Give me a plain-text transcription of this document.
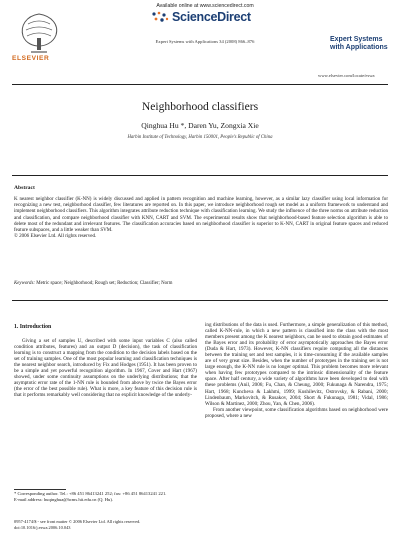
Available online at www.sciencedirect.com
ScienceDirect
Expert Systems with Applications 34 (2008) 866–876
ELSEVIER
Expert Systems with Applications
www.elsevier.com/locate/eswa
Neighborhood classifiers
Qinghua Hu *, Daren Yu, Zongxia Xie
Harbin Institute of Technology, Harbin 150001, People’s Republic of China
Abstract
K nearest neighbor classifier (K-NN) is widely discussed and applied in pattern recognition and machine learning, however, as a similar lazy classifier using local information for recognizing a new test, neighborhood classifier, few literatures are reported on. In this paper, we introduce neighborhood rough set model as a uniform framework to understand and implement neighborhood classifiers. This algorithm integrates attribute reduction technique with classification learning. We study the influence of the three norms on attribute reduction and classification, and compare neighborhood classifier with KNN, CART and SVM. The experimental results show that neighborhood-based feature selection algorithm is able to delete most of the redundant and irrelevant features. The classification accuracies based on neighborhood classifier is superior to K-NN, CART in original feature spaces and reduced feature subspaces, and a little weaker than SVM.
© 2006 Elsevier Ltd. All rights reserved.
Keywords: Metric space; Neighborhood; Rough set; Reduction; Classifier; Norm
1. Introduction
Giving a set of samples U, described with some input variables C (also called condition attributes, features) and an output D (decision), the task of classification learning is to construct a mapping from the condition to the decision labels based on the set of training samples. One of the most popular learning and classification techniques is the nearest neighbor search, introduced by Fix and Hodges (1951). It has been proven to be a simple and yet powerful recognition algorithm. In 1967, Cover and Hart (1967) showed, under some continuity assumptions on the underlying distributions; that the asymptotic error rate of the 1-NN rule is bounded from above by twice the Bayes error (the error of the best possible rule). What is more, a key feature of this decision rule is that it performs remarkably well considering that no explicit knowledge of the underly-

ing distributions of the data is used. Furthermore, a simple generalization of this method, called K-NN-rule, in which a new pattern is classified into the class with the most members present among the K nearest neighbors, can be used to obtain good estimates of the Bayes error and its probability of error asymptotically approaches the Bayes error (Duda & Hart, 1973). However, K-NN classifiers require computing all the distances between the training set and test samples, it is time-consuming if the available samples are of very great size. Besides, when the number of prototypes in the training set is not large enough, the K-NN rule is no longer optimal. This problem becomes more relevant when having few prototypes compared to the intrinsic dimensionality of the feature space. After half century, a wide variety of algorithms have been developed to deal with these problems (Anil, 2006; Fu, Chan, & Cheung, 2000; Fukunaga & Narendra, 1975; Hart, 1968; Kuncheva & Lakhmi, 1999; Kushilevitz, Ostrovsky, & Rabani, 2000; Lindenbaum, Markovitch, & Rusakov, 2004; Short & Fukunaga, 1981; Vidal, 1986; Wilson & Martinez, 2000; Zhou, Yan, & Chen, 2006).

From another viewpoint, some classification algorithms based on neighborhood were proposed, where a new

* Corresponding author. Tel.: +86 451 86413241 252; fax: +86 451 86413241 221.
E-mail address: huqinghua@hcms.hit.edu.cn (Q. Hu).
0957-4174/$ - see front matter © 2006 Elsevier Ltd. All rights reserved.
doi:10.1016/j.eswa.2006.10.043
